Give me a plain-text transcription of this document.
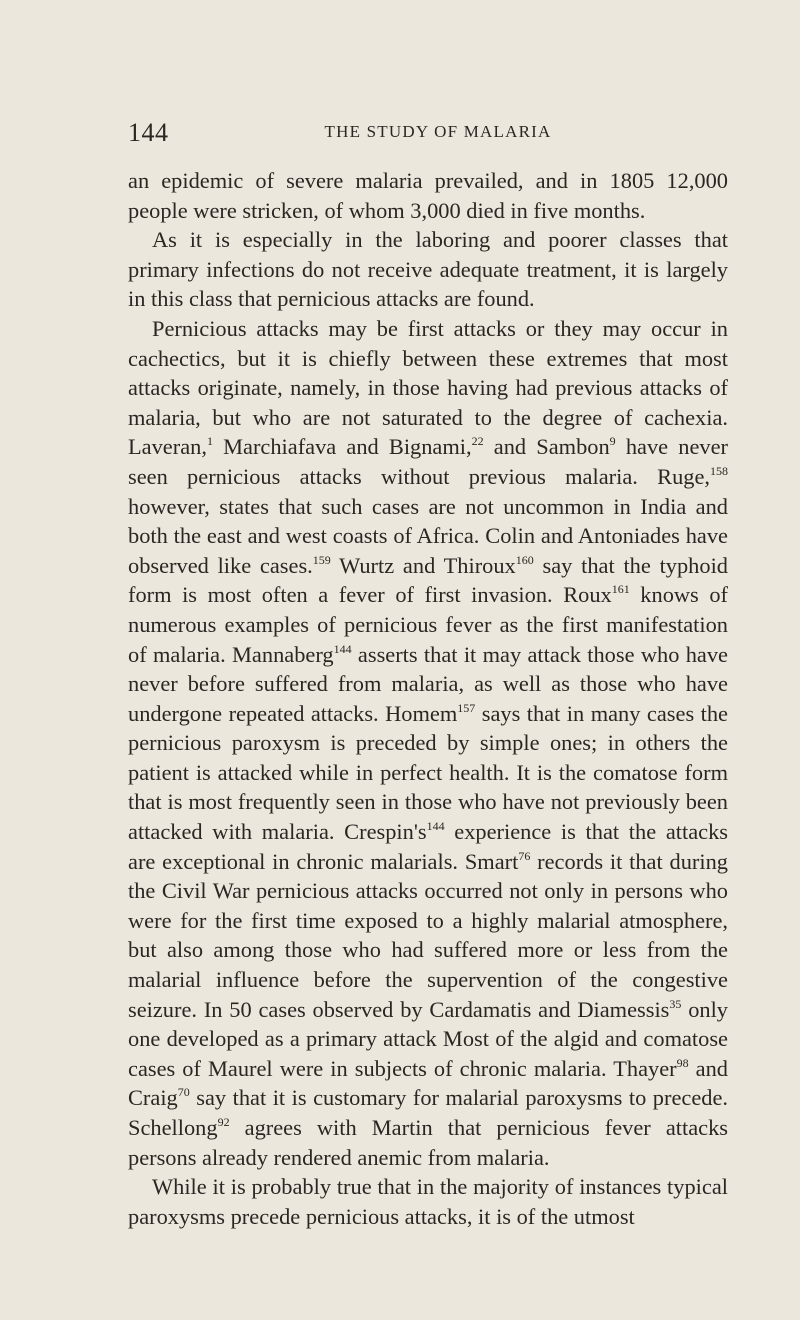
144	THE STUDY OF MALARIA

an epidemic of severe malaria prevailed, and in 1805 12,000 people were stricken, of whom 3,000 died in five months.

As it is especially in the laboring and poorer classes that primary infections do not receive adequate treatment, it is largely in this class that pernicious attacks are found.

Pernicious attacks may be first attacks or they may occur in cachectics, but it is chiefly between these extremes that most attacks originate, namely, in those having had previous attacks of malaria, but who are not saturated to the degree of cachexia. Laveran,$^1$ Marchiafava and Bignami,$^{22}$ and Sambon$^9$ have never seen pernicious attacks without previous malaria. Ruge,$^{158}$ however, states that such cases are not uncommon in India and both the east and west coasts of Africa. Colin and Antoniades have observed like cases.$^{159}$ Wurtz and Thiroux$^{160}$ say that the typhoid form is most often a fever of first invasion. Roux$^{161}$ knows of numerous examples of pernicious fever as the first manifestation of malaria. Mannaberg$^{144}$ asserts that it may attack those who have never before suffered from malaria, as well as those who have undergone repeated attacks. Homem$^{157}$ says that in many cases the pernicious paroxysm is preceded by simple ones; in others the patient is attacked while in perfect health. It is the comatose form that is most frequently seen in those who have not previously been attacked with malaria. $Crespin's^{144}$ experience is that the attacks are exceptional in chronic malarials. Smart$^{76}$ records it that during the Civil War pernicious attacks occurred not only in persons who were for the first time exposed to a highly malarial atmosphere, but also among those who had suffered more or less from the malarial influence before the supervention of the congestive seizure. In 50 cases observed by Cardamatis and Diamessis$^{35}$ only one developed as a primary attack Most of the algid and comatose cases of Maurel were in subjects of chronic malaria. Thayer$^{98}$ and Craig$^{70}$ say that it is customary for malarial paroxysms to precede. Schellong$^{92}$ agrees with Martin that pernicious fever attacks persons already rendered anemic from malaria.

While it is probably true that in the majority of instances typical paroxysms precede pernicious attacks, it is of the utmost
